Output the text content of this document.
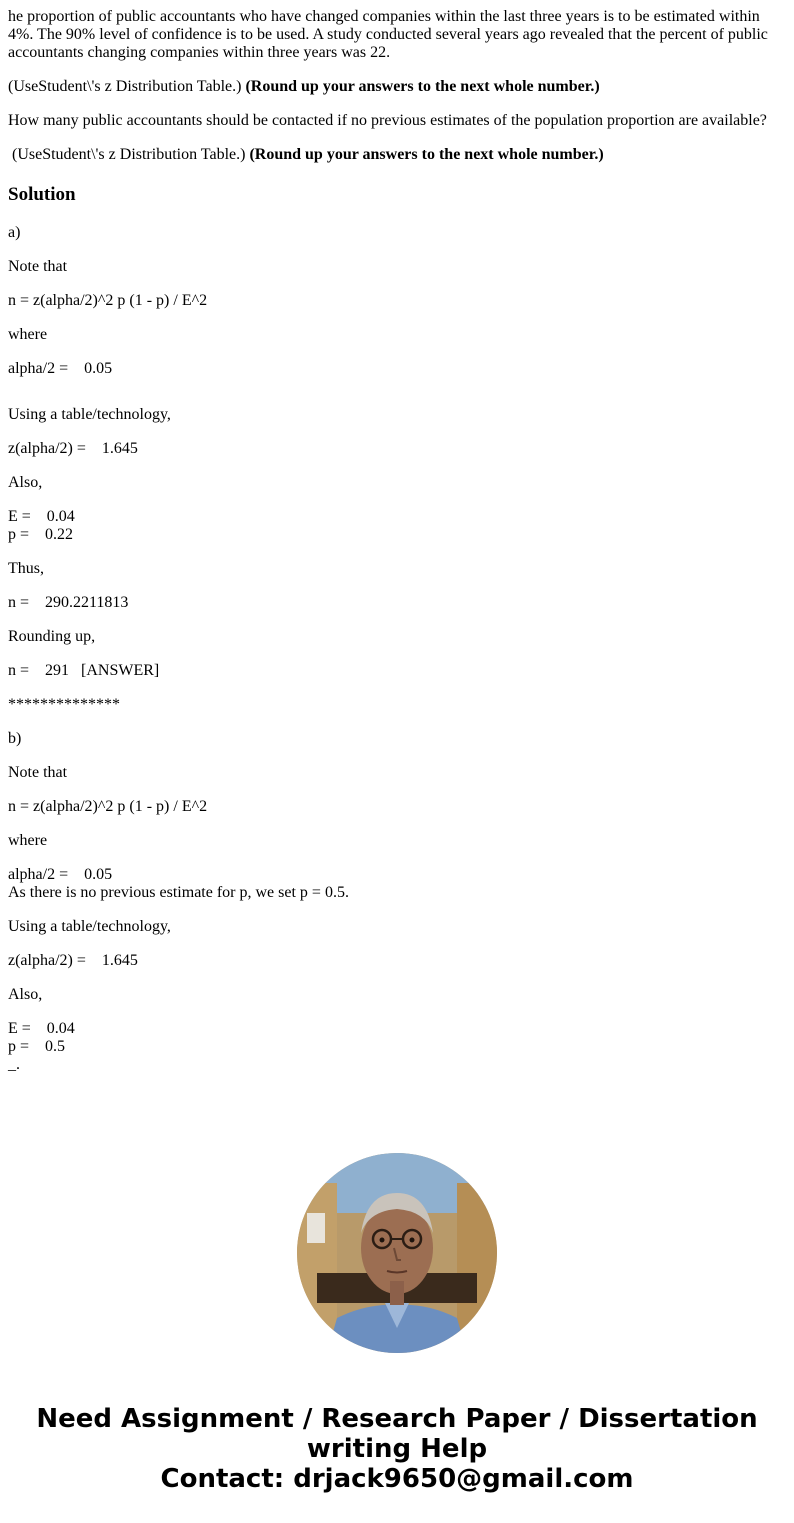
he proportion of public accountants who have changed companies within the last three years is to be estimated within 4%. The 90% level of confidence is to be used. A study conducted several years ago revealed that the percent of public accountants changing companies within three years was 22.

(UseStudent\'s z Distribution Table.) (Round up your answers to the next whole number.)

How many public accountants should be contacted if no previous estimates of the population proportion are available?

(UseStudent\'s z Distribution Table.) (Round up your answers to the next whole number.)

Solution

a)

Note that

n = z(alpha/2)^2 p (1 - p) / E^2

where

alpha/2 =    0.05

Using a table/technology,

z(alpha/2) =    1.645

Also,

E =    0.04

p =    0.22

Thus,

n =    290.2211813

Rounding up,

n =    291   [ANSWER]

**************

b)

Note that

n = z(alpha/2)^2 p (1 - p) / E^2

where

alpha/2 =    0.05

As there is no previous estimate for p, we set p = 0.5.

Using a table/technology,

z(alpha/2) =    1.645

Also,

E =    0.04

p =    0.5

_.

Need Assignment / Research Paper / Dissertation
writing Help
Contact: drjack9650@gmail.com
